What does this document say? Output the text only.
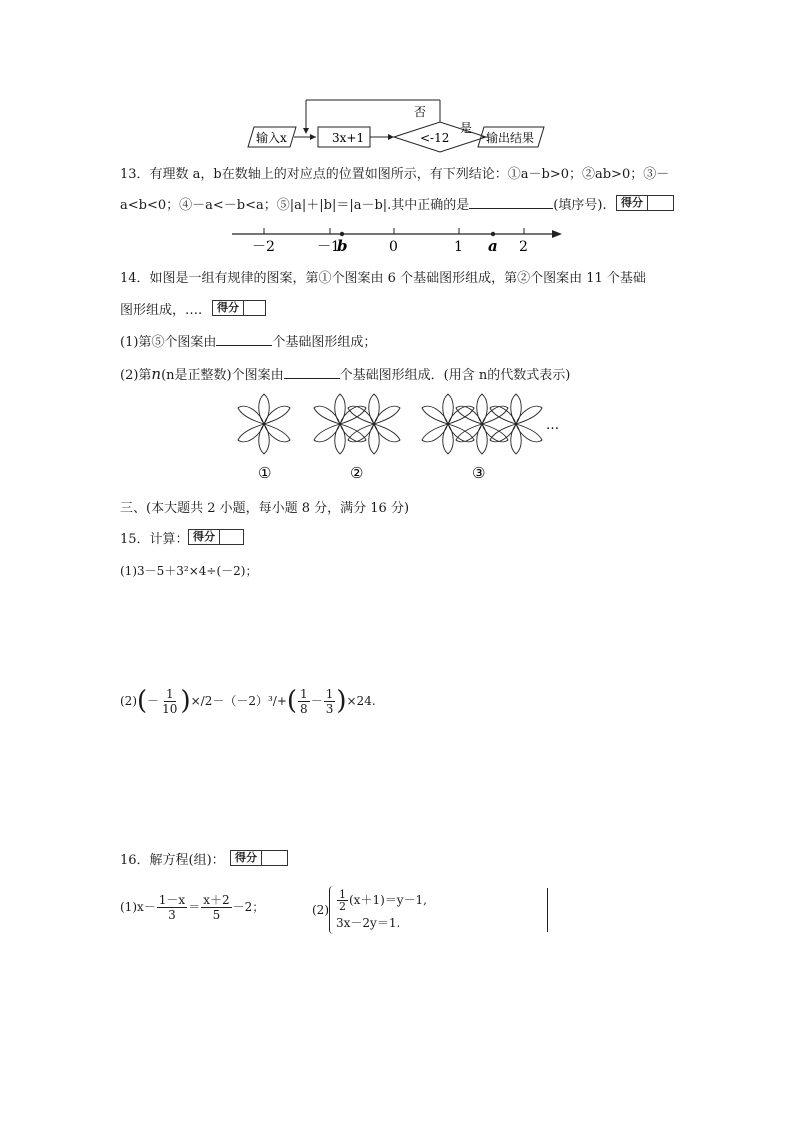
输入x	3x+1
否
<-12
是
输出结果
13．有理数 a，b在数轴上的对应点的位置如图所示，有下列结论：①a－b>0；②ab>0；③－
a<b<0；④－a<－b<a；⑤|a|＋|b|＝|a－b|.其中正确的是	(填序号).	得分
－2	－1	0	1	2
b	a
14．如图是一组有规律的图案，第①个图案由 6 个基础图形组成，第②个图案由 11 个基础
图形组成，….	得分
(1)第⑤个图案由	个基础图形组成；
(2)第n(n是正整数)个图案由	个基础图形组成．(用含 n的代数式表示)
…
①	②	③
三、(本大题共 2 小题，每小题 8 分，满分 16 分)
15．计算： 得分
(1)3－5＋3²×4÷(－2)；
(2) ( － $\frac{1}{10}$ ) ×/2－（－2）³/+ ( $\frac{1}{8} - \frac{1}{3}$ ) ×24.
16．解方程(组)： 得分
$(1)x- \frac{1-x}{3} = \frac{x+2}{5} -2$；	$(2) \frac{1}{2} (x+1)=y-1$,
3x－2y＝1.
